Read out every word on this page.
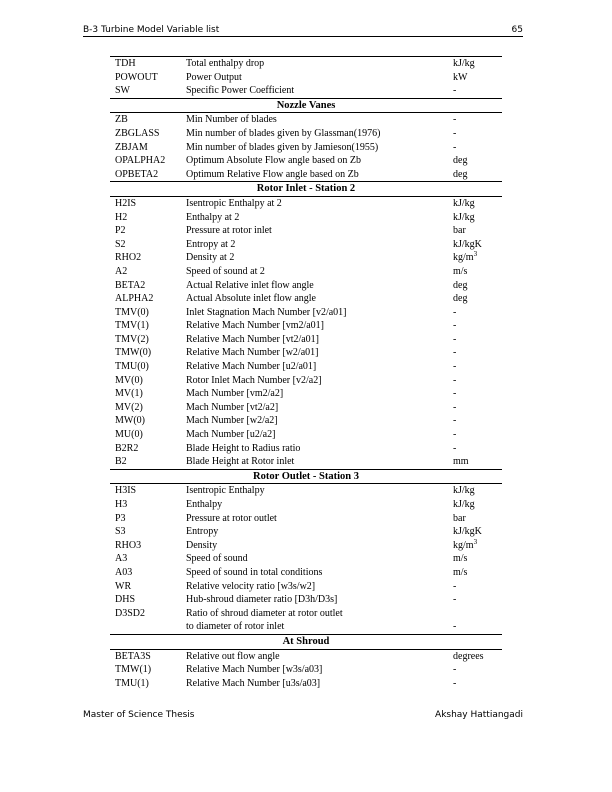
B-3 Turbine Model Variable list	65
TDH	Total enthalpy drop	kJ/kg
POWOUT	Power Output	kW
SW	Specific Power Coefficient	-
Nozzle Vanes
ZB	Min Number of blades	-
ZBGLASS	Min number of blades given by Glassman(1976)	-
ZBJAM	Min number of blades given by Jamieson(1955)	-
OPALPHA2 Optimum Absolute Flow angle based on Zb	deg
OPBETA2	Optimum Relative Flow angle based on Zb	deg
Rotor Inlet - Station 2
H2IS	Isentropic Enthalpy at 2	kJ/kg
H2	Enthalpy at 2	kJ/kg
P2	Pressure at rotor inlet	bar
S2	Entropy at 2	kJ/kgK
RHO2	Density at 2	$kg/m^3$
A2	Speed of sound at 2	m/s
BETA2	Actual Relative inlet flow angle	deg
ALPHA2	Actual Absolute inlet flow angle	deg
TMV(0)	Inlet Stagnation Mach Number [v2/a01]	-
TMV(1)	Relative Mach Number [vm2/a01]	-
TMV(2)	Relative Mach Number [vt2/a01]	-
TMW(0)	Relative Mach Number [w2/a01]	-
TMU(0)	Relative Mach Number [u2/a01]	-
MV(0)	Rotor Inlet Mach Number [v2/a2]	-
MV(1)	Mach Number [vm2/a2]	-
MV(2)	Mach Number [vt2/a2]	-
MW(0)	Mach Number [w2/a2]	-
MU(0)	Mach Number [u2/a2]	-
B2R2	Blade Height to Radius ratio	-
B2	Blade Height at Rotor inlet	mm
Rotor Outlet - Station 3
H3IS	Isentropic Enthalpy	kJ/kg
H3	Enthalpy	kJ/kg
P3	Pressure at rotor outlet	bar
S3	Entropy	kJ/kgK
RHO3	Density	$kg/m^3$
A3	Speed of sound	m/s
A03	Speed of sound in total conditions	m/s
WR	Relative velocity ratio [w3s/w2]	-
DHS	Hub-shroud diameter ratio [D3h/D3s]	-
D3SD2	Ratio of shroud diameter at rotor outlet
to diameter of rotor inlet	-
At Shroud
BETA3S	Relative out flow angle	degrees
TMW(1)	Relative Mach Number [w3s/a03]	-
TMU(1)	Relative Mach Number [u3s/a03]	-
Master of Science Thesis	Akshay Hattiangadi
